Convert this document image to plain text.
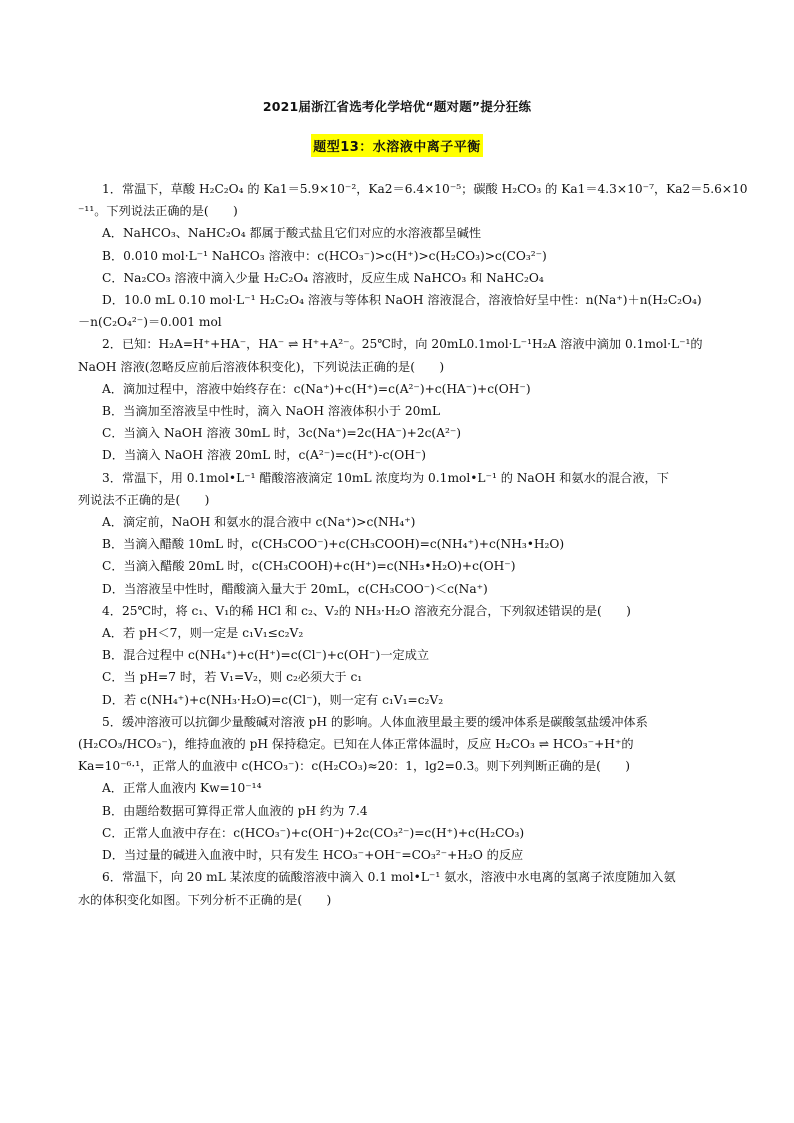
2021届浙江省选考化学培优“题对题”提分狂练
题型13：水溶液中离子平衡
1．常温下，草酸 H₂C₂O₄ 的 Ka1＝5.9×10⁻²，Ka2＝6.4×10⁻⁵；碳酸 H₂CO₃ 的 Ka1＝4.3×10⁻⁷，Ka2＝5.6×10
⁻¹¹。下列说法正确的是(　　)
A．NaHCO₃、NaHC₂O₄ 都属于酸式盐且它们对应的水溶液都呈碱性
B．0.010 mol·L⁻¹ NaHCO₃ 溶液中：c(HCO₃⁻)>c(H⁺)>c(H₂CO₃)>c(CO₃²⁻)
C．Na₂CO₃ 溶液中滴入少量 H₂C₂O₄ 溶液时，反应生成 NaHCO₃ 和 NaHC₂O₄
D．10.0 mL 0.10 mol·L⁻¹ H₂C₂O₄ 溶液与等体积 NaOH 溶液混合，溶液恰好呈中性：n(Na⁺)＋n(H₂C₂O₄)
－n(C₂O₄²⁻)＝0.001 mol
2．已知：H₂A=H⁺+HA⁻，HA⁻ ⇌ H⁺+A²⁻。25℃时，向 20mL0.1mol·L⁻¹H₂A 溶液中滴加 0.1mol·L⁻¹的
NaOH 溶液(忽略反应前后溶液体积变化)，下列说法正确的是(　　)
A．滴加过程中，溶液中始终存在：c(Na⁺)+c(H⁺)=c(A²⁻)+c(HA⁻)+c(OH⁻)
B．当滴加至溶液呈中性时，滴入 NaOH 溶液体积小于 20mL
C．当滴入 NaOH 溶液 30mL 时，3c(Na⁺)=2c(HA⁻)+2c(A²⁻)
D．当滴入 NaOH 溶液 20mL 时，c(A²⁻)=c(H⁺)-c(OH⁻)
3．常温下，用 0.1mol•L⁻¹ 醋酸溶液滴定 10mL 浓度均为 0.1mol•L⁻¹ 的 NaOH 和氨水的混合液，下
列说法不正确的是(　　)
A．滴定前，NaOH 和氨水的混合液中 c(Na⁺)>c(NH₄⁺)
B．当滴入醋酸 10mL 时，c(CH₃COO⁻)+c(CH₃COOH)=c(NH₄⁺)+c(NH₃•H₂O)
C．当滴入醋酸 20mL 时，c(CH₃COOH)+c(H⁺)=c(NH₃•H₂O)+c(OH⁻)
D．当溶液呈中性时，醋酸滴入量大于 20mL，c(CH₃COO⁻)＜c(Na⁺)
4．25℃时，将 c₁、V₁的稀 HCl 和 c₂、V₂的 NH₃·H₂O 溶液充分混合，下列叙述错误的是(　　)
A．若 pH＜7，则一定是 c₁V₁≤c₂V₂
B．混合过程中 c(NH₄⁺)+c(H⁺)=c(Cl⁻)+c(OH⁻)一定成立
C．当 pH=7 时，若 V₁=V₂，则 c₂必须大于 c₁
D．若 c(NH₄⁺)+c(NH₃·H₂O)=c(Cl⁻)，则一定有 c₁V₁=c₂V₂
5．缓冲溶液可以抗御少量酸碱对溶液 pH 的影响。人体血液里最主要的缓冲体系是碳酸氢盐缓冲体系
(H₂CO₃/HCO₃⁻)，维持血液的 pH 保持稳定。已知在人体正常体温时，反应 H₂CO₃ ⇌ HCO₃⁻+H⁺的
Ka=10⁻⁶·¹，正常人的血液中 c(HCO₃⁻)：c(H₂CO₃)≈20：1，lg2=0.3。则下列判断正确的是(　　)
A．正常人血液内 Kw=10⁻¹⁴
B．由题给数据可算得正常人血液的 pH 约为 7.4
C．正常人血液中存在：c(HCO₃⁻)+c(OH⁻)+2c(CO₃²⁻)=c(H⁺)+c(H₂CO₃)
D．当过量的碱进入血液中时，只有发生 HCO₃⁻+OH⁻=CO₃²⁻+H₂O 的反应
6．常温下，向 20 mL 某浓度的硫酸溶液中滴入 0.1 mol•L⁻¹ 氨水，溶液中水电离的氢离子浓度随加入氨
水的体积变化如图。下列分析不正确的是(　　)
